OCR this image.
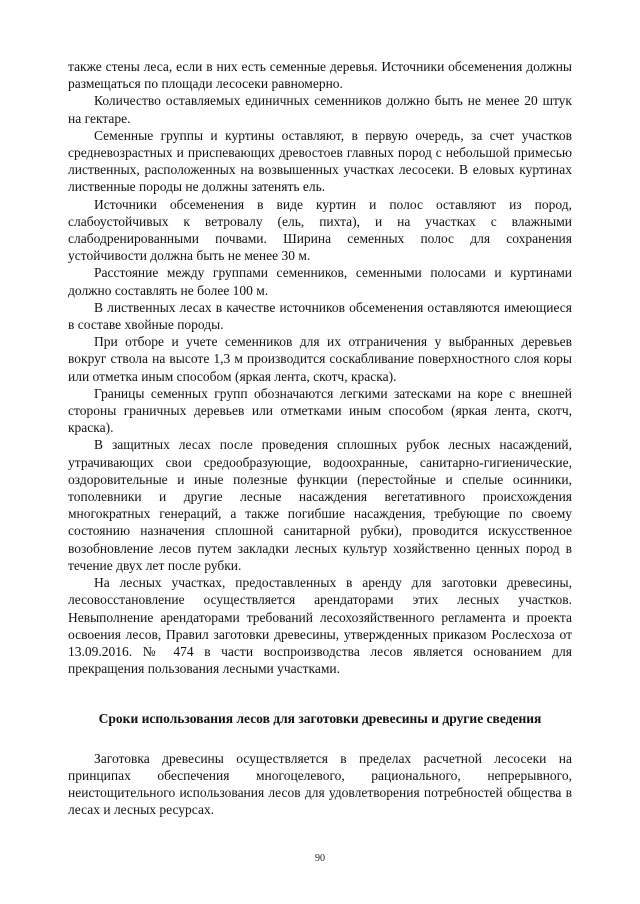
также стены леса, если в них есть семенные деревья. Источники обсеменения должны размещаться по площади лесосеки равномерно.

Количество оставляемых единичных семенников должно быть не менее 20 штук на гектаре.

Семенные группы и куртины оставляют, в первую очередь, за счет участков средневозрастных и приспевающих древостоев главных пород с небольшой примесью лиственных, расположенных на возвышенных участках лесосеки. В еловых куртинах лиственные породы не должны затенять ель.

Источники обсеменения в виде куртин и полос оставляют из пород, слабоустойчивых к ветровалу (ель, пихта), и на участках с влажными слабодренированными почвами. Ширина семенных полос для сохранения устойчивости должна быть не менее 30 м.

Расстояние между группами семенников, семенными полосами и куртинами должно составлять не более 100 м.

В лиственных лесах в качестве источников обсеменения оставляются имеющиеся в составе хвойные породы.

При отборе и учете семенников для их отграничения у выбранных деревьев вокруг ствола на высоте 1,3 м производится соскабливание поверхностного слоя коры или отметка иным способом (яркая лента, скотч, краска).

Границы семенных групп обозначаются легкими затесками на коре с внешней стороны граничных деревьев или отметками иным способом (яркая лента, скотч, краска).

В защитных лесах после проведения сплошных рубок лесных насаждений, утрачивающих свои средообразующие, водоохранные, санитарно-гигиенические, оздоровительные и иные полезные функции (перестойные и спелые осинники, тополевники и другие лесные насаждения вегетативного происхождения многократных генераций, а также погибшие насаждения, требующие по своему состоянию назначения сплошной санитарной рубки), проводится искусственное возобновление лесов путем закладки лесных культур хозяйственно ценных пород в течение двух лет после рубки.

На лесных участках, предоставленных в аренду для заготовки древесины, лесовосстановление осуществляется арендаторами этих лесных участков. Невыполнение арендаторами требований лесохозяйственного регламента и проекта освоения лесов, Правил заготовки древесины, утвержденных приказом Рослесхоза от 13.09.2016. № 474 в части воспроизводства лесов является основанием для прекращения пользования лесными участками.

Сроки использования лесов для заготовки древесины и другие сведения

Заготовка древесины осуществляется в пределах расчетной лесосеки на принципах обеспечения многоцелевого, рационального, непрерывного, неистощительного использования лесов для удовлетворения потребностей общества в лесах и лесных ресурсах.

90
